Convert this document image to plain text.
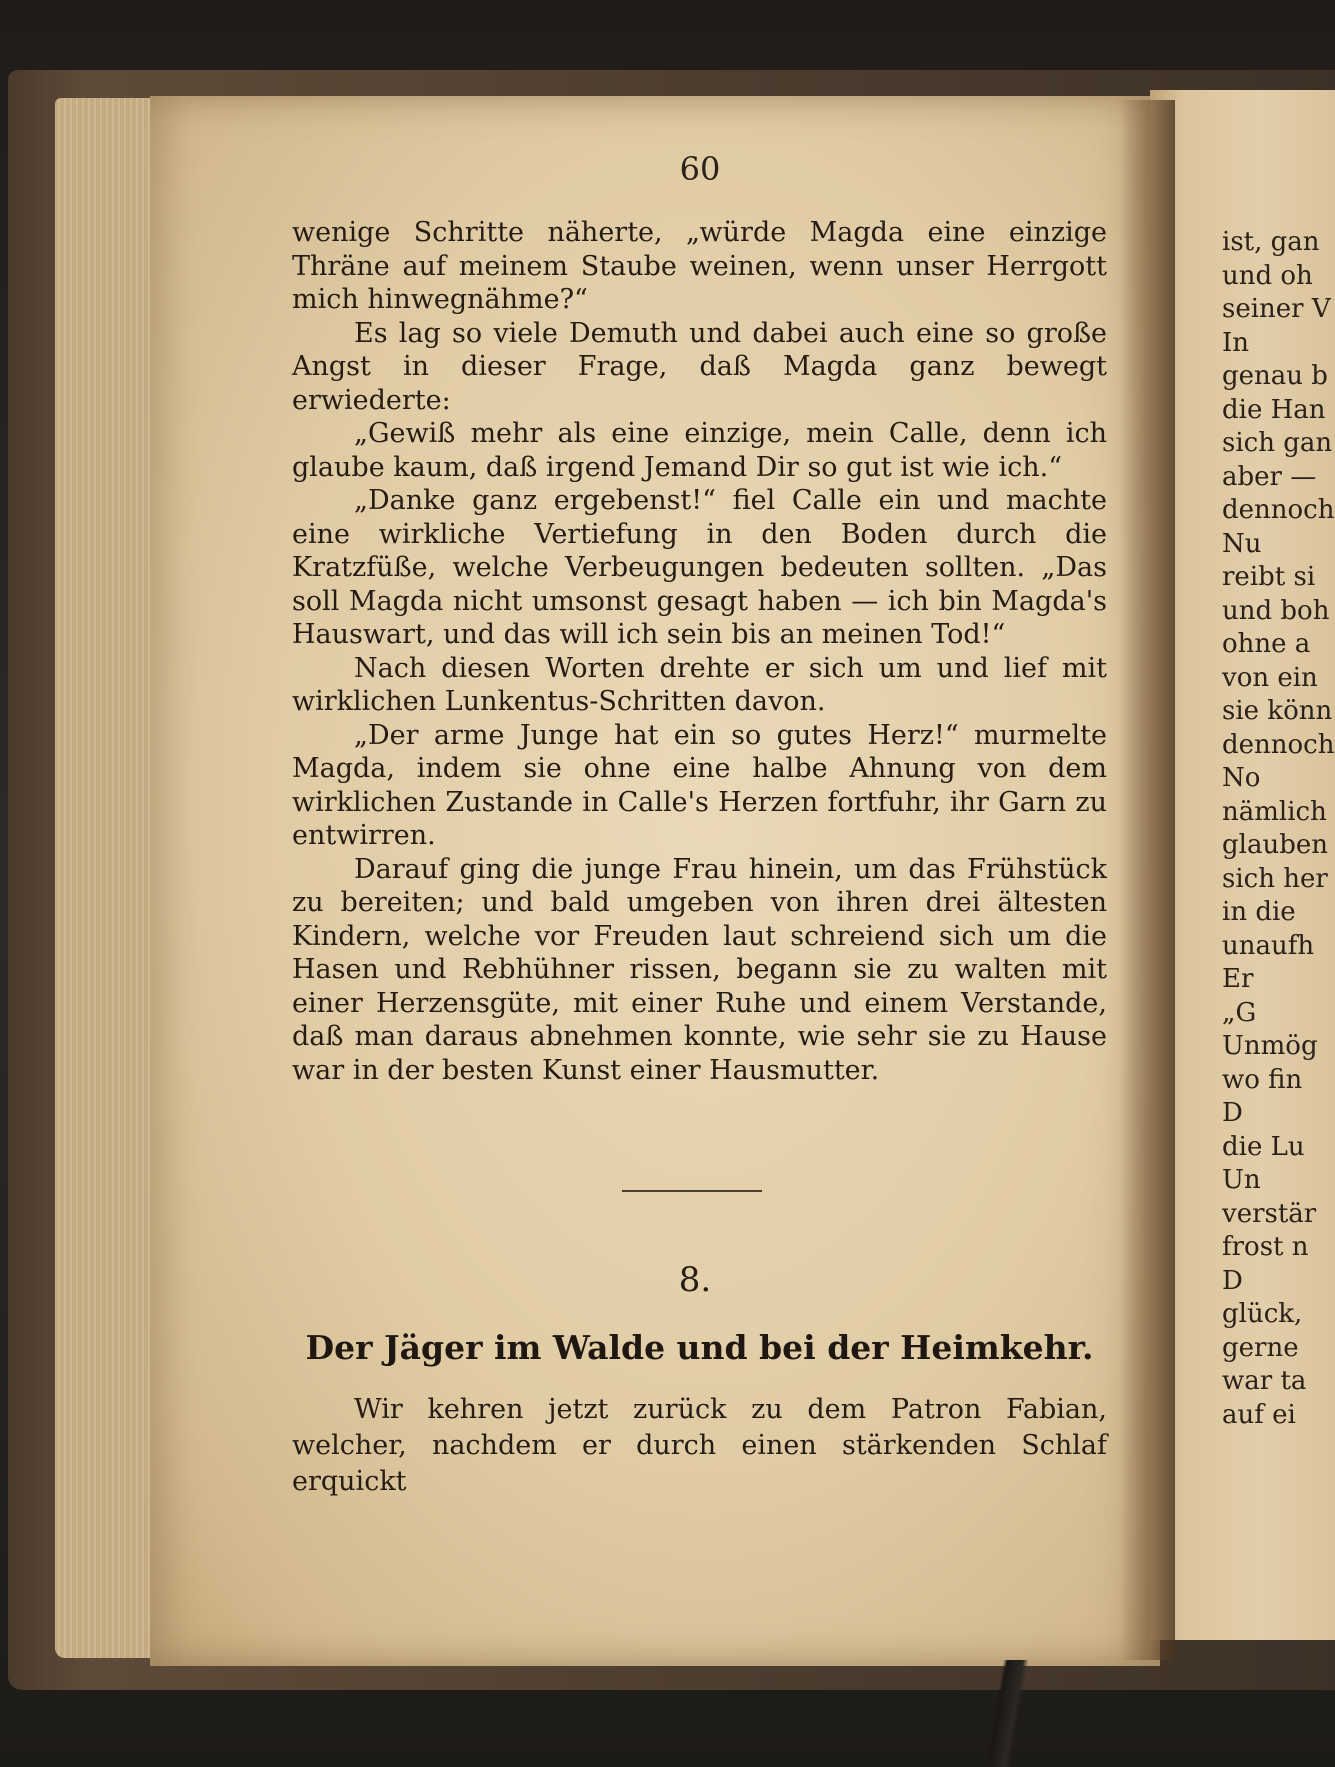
60

wenige Schritte näherte, „würde Magda eine einzige Thräne auf meinem Staube weinen, wenn unser Herrgott mich hinwegnähme?“

Es lag so viele Demuth und dabei auch eine so große Angst in dieser Frage, daß Magda ganz bewegt erwiederte:

„Gewiß mehr als eine einzige, mein Calle, denn ich glaube kaum, daß irgend Jemand Dir so gut ist wie ich.“

„Danke ganz ergebenst!“ fiel Calle ein und machte eine wirkliche Vertiefung in den Boden durch die Kratzfüße, welche Verbeugungen bedeuten sollten. „Das soll Magda nicht umsonst gesagt haben — ich bin Magda's Hauswart, und das will ich sein bis an meinen Tod!“

Nach diesen Worten drehte er sich um und lief mit wirklichen Lunkentus-Schritten davon.

„Der arme Junge hat ein so gutes Herz!“ murmelte Magda, indem sie ohne eine halbe Ahnung von dem wirklichen Zustande in Calle's Herzen fortfuhr, ihr Garn zu entwirren.

Darauf ging die junge Frau hinein, um das Frühstück zu bereiten; und bald umgeben von ihren drei ältesten Kindern, welche vor Freuden laut schreiend sich um die Hasen und Rebhühner rissen, begann sie zu walten mit einer Herzensgüte, mit einer Ruhe und einem Verstande, daß man daraus abnehmen konnte, wie sehr sie zu Hause war in der besten Kunst einer Hausmutter.

8.
Der Jäger im Walde und bei der Heimkehr.

Wir kehren jetzt zurück zu dem Patron Fabian, welcher, nachdem er durch einen stärkenden Schlaf erquickt

ist, gan
und oh
seiner V
In
genau b
die Han
sich gan
aber —
dennoch
Nu
reibt si
und boh
ohne a
von ein
sie könn
dennoch
No
nämlich
glauben
sich her
in die
unaufh
Er
„G
Unmög
wo fin
D
die Lu
Un
verstär
frost n
D
glück,
gerne
war ta
auf ei
